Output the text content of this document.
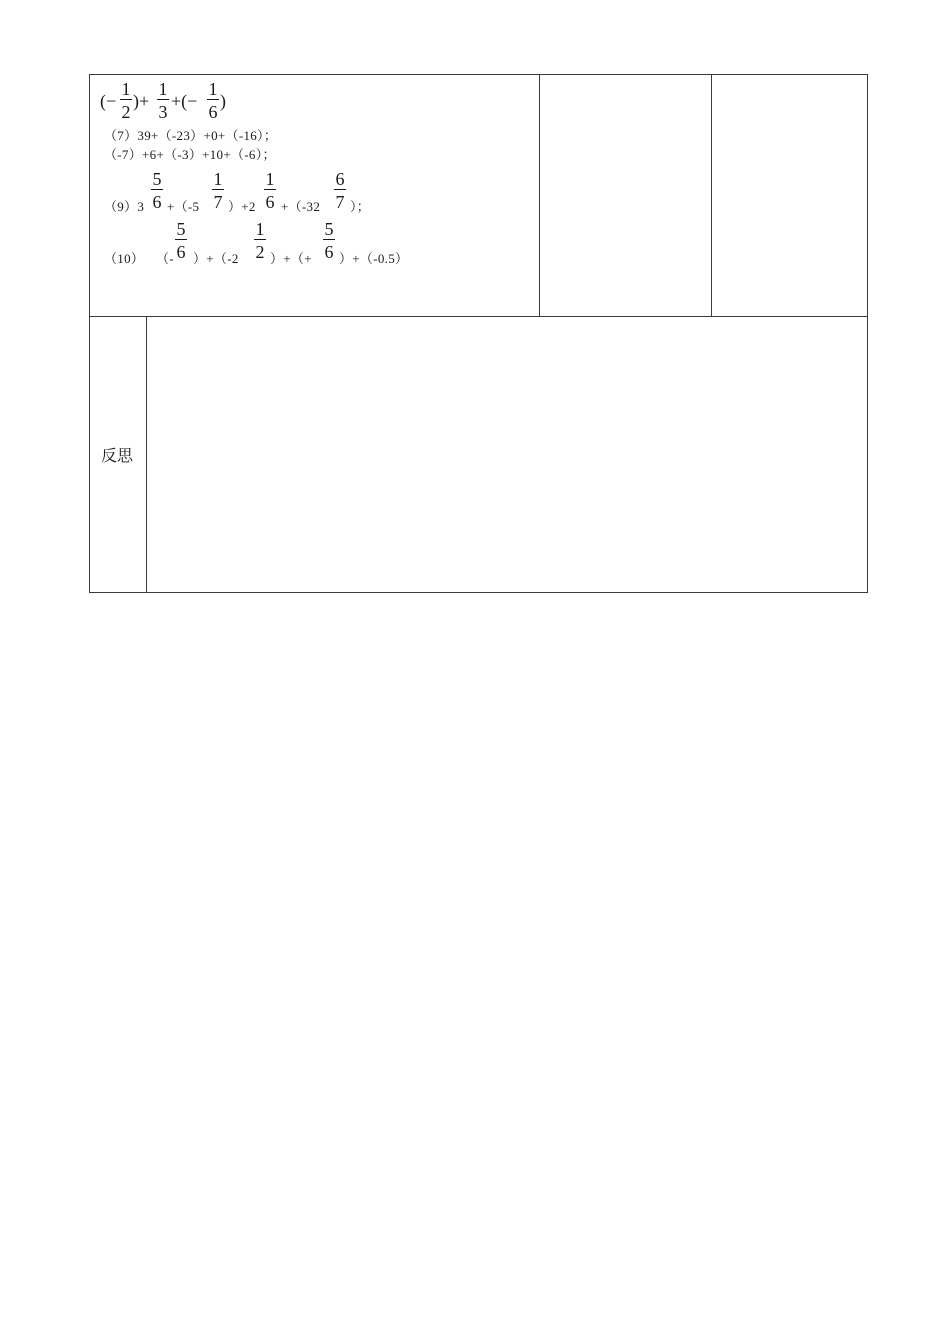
(−
1
2
)+
1
3
+(−
1
6
)
（7）39+（-23）+0+（-16）；
（-7）+6+（-3）+10+（-6）；
（9）3
5
6 +（-5
1
7 ）+2
1
6 +（-32
6
7 ）；
（10） （-
5
6 ）+（-2
1
2 ）+（+
5
6 ）+（-0.5）
反思
